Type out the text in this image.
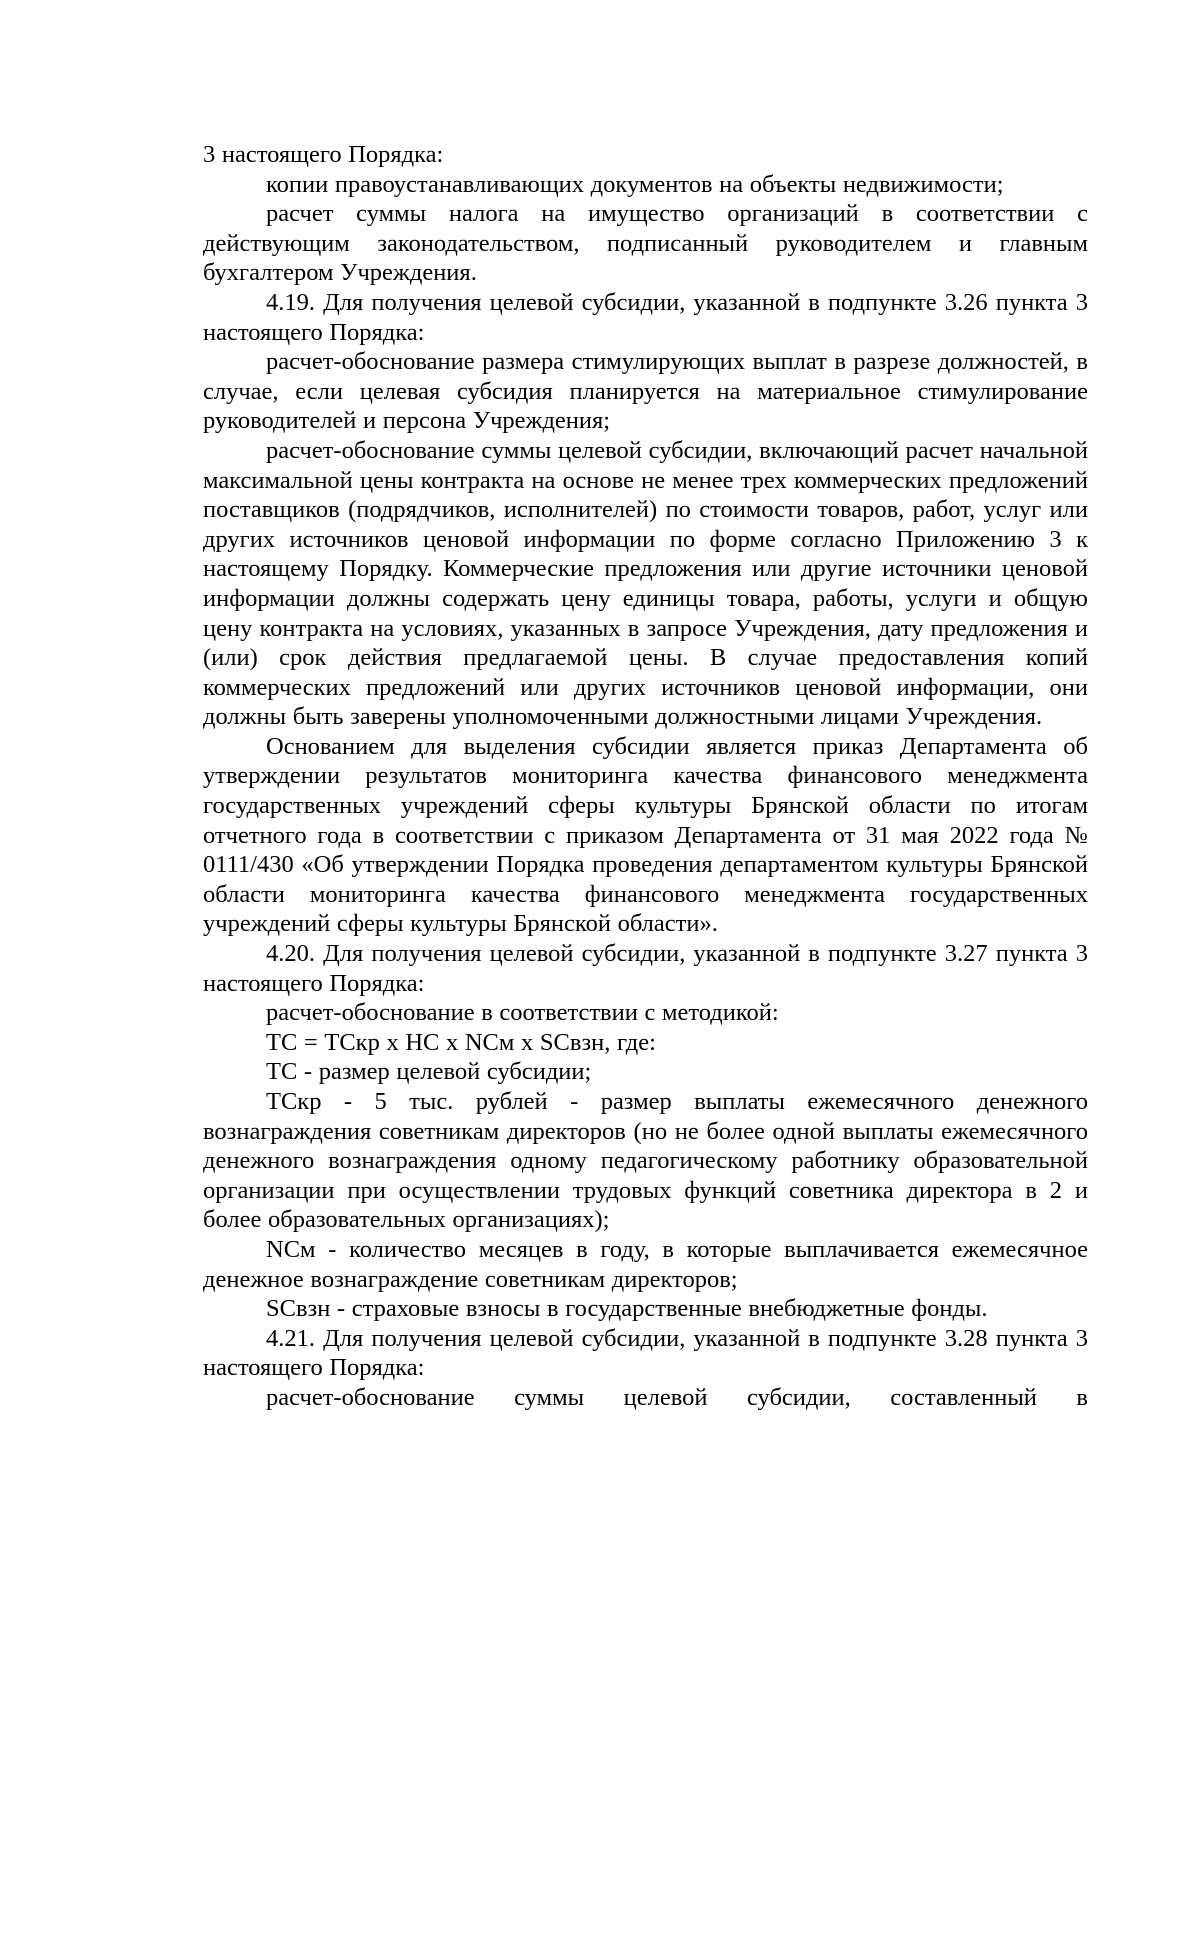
3 настоящего Порядка:

копии правоустанавливающих документов на объекты недвижимости;

расчет суммы налога на имущество организаций в соответствии с действующим законодательством, подписанный руководителем и главным бухгалтером Учреждения.

4.19. Для получения целевой субсидии, указанной в подпункте 3.26 пункта 3 настоящего Порядка:

расчет-обоснование размера стимулирующих выплат в разрезе должностей, в случае, если целевая субсидия планируется на материальное стимулирование руководителей и персона Учреждения;

расчет-обоснование суммы целевой субсидии, включающий расчет начальной максимальной цены контракта на основе не менее трех коммерческих предложений поставщиков (подрядчиков, исполнителей) по стоимости товаров, работ, услуг или других источников ценовой информации по форме согласно Приложению 3 к настоящему Порядку. Коммерческие предложения или другие источники ценовой информации должны содержать цену единицы товара, работы, услуги и общую цену контракта на условиях, указанных в запросе Учреждения, дату предложения и (или) срок действия предлагаемой цены. В случае предоставления копий коммерческих предложений или других источников ценовой информации, они должны быть заверены уполномоченными должностными лицами Учреждения.

Основанием для выделения субсидии является приказ Департамента об утверждении результатов мониторинга качества финансового менеджмента государственных учреждений сферы культуры Брянской области по итогам отчетного года в соответствии с приказом Департамента от 31 мая 2022 года № 0111/430 «Об утверждении Порядка проведения департаментом культуры Брянской области мониторинга качества финансового менеджмента государственных учреждений сферы культуры Брянской области».

4.20. Для получения целевой субсидии, указанной в подпункте 3.27 пункта 3 настоящего Порядка:

расчет-обоснование в соответствии с методикой:

ТС = ТСкр х НС х NСм х SСвзн, где:

ТС - размер целевой субсидии;

ТСкр - 5 тыс. рублей - размер выплаты ежемесячного денежного вознаграждения советникам директоров (но не более одной выплаты ежемесячного денежного вознаграждения одному педагогическому работнику образовательной организации при осуществлении трудовых функций советника директора в 2 и более образовательных организациях);

NСм - количество месяцев в году, в которые выплачивается ежемесячное денежное вознаграждение советникам директоров;

SСвзн - страховые взносы в государственные внебюджетные фонды.

4.21. Для получения целевой субсидии, указанной в подпункте 3.28 пункта 3 настоящего Порядка:

расчет-обоснование суммы целевой субсидии, составленный в
